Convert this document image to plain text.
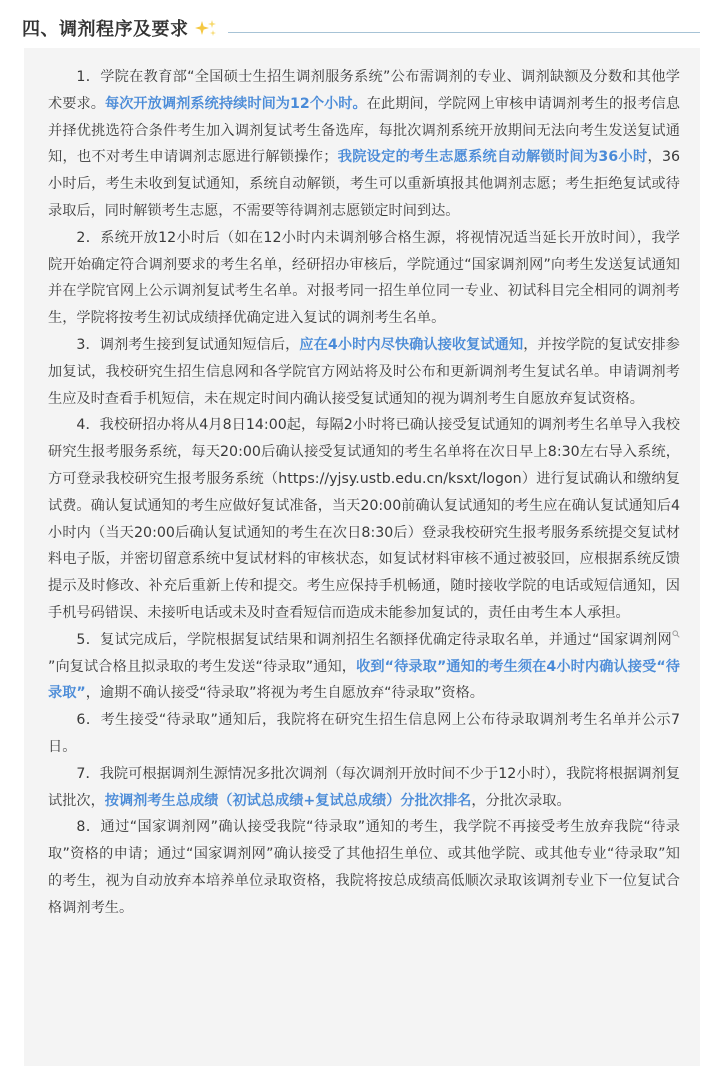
四、调剂程序及要求

1．学院在教育部“全国硕士生招生调剂服务系统”公布需调剂的专业、调剂缺额及分数和其他学术要求。每次开放调剂系统持续时间为12个小时。在此期间，学院网上审核申请调剂考生的报考信息并择优挑选符合条件考生加入调剂复试考生备选库，每批次调剂系统开放期间无法向考生发送复试通知，也不对考生申请调剂志愿进行解锁操作；我院设定的考生志愿系统自动解锁时间为36小时，36小时后，考生未收到复试通知，系统自动解锁，考生可以重新填报其他调剂志愿；考生拒绝复试或待录取后，同时解锁考生志愿，不需要等待调剂志愿锁定时间到达。

2．系统开放12小时后（如在12小时内未调剂够合格生源，将视情况适当延长开放时间），我学院开始确定符合调剂要求的考生名单，经研招办审核后，学院通过“国家调剂网”向考生发送复试通知并在学院官网上公示调剂复试考生名单。对报考同一招生单位同一专业、初试科目完全相同的调剂考生，学院将按考生初试成绩择优确定进入复试的调剂考生名单。

3．调剂考生接到复试通知短信后，应在4小时内尽快确认接收复试通知，并按学院的复试安排参加复试，我校研究生招生信息网和各学院官方网站将及时公布和更新调剂考生复试名单。申请调剂考生应及时查看手机短信，未在规定时间内确认接受复试通知的视为调剂考生自愿放弃复试资格。

4．我校研招办将从4月8日14:00起，每隔2小时将已确认接受复试通知的调剂考生名单导入我校研究生报考服务系统，每天20:00后确认接受复试通知的考生名单将在次日早上8:30左右导入系统，方可登录我校研究生报考服务系统（https://yjsy.ustb.edu.cn/ksxt/logon）进行复试确认和缴纳复试费。确认复试通知的考生应做好复试准备，当天20:00前确认复试通知的考生应在确认复试通知后4小时内（当天20:00后确认复试通知的考生在次日8:30后）登录我校研究生报考服务系统提交复试材料电子版，并密切留意系统中复试材料的审核状态，如复试材料审核不通过被驳回，应根据系统反馈提示及时修改、补充后重新上传和提交。考生应保持手机畅通，随时接收学院的电话或短信通知，因手机号码错误、未接听电话或未及时查看短信而造成未能参加复试的，责任由考生本人承担。

5．复试完成后，学院根据复试结果和调剂招生名额择优确定待录取名单，并通过“国家调剂网”向复试合格且拟录取的考生发送“待录取”通知，收到“待录取”通知的考生须在4小时内确认接受“待录取”，逾期不确认接受“待录取”将视为考生自愿放弃“待录取”资格。

6．考生接受“待录取”通知后，我院将在研究生招生信息网上公布待录取调剂考生名单并公示7日。

7．我院可根据调剂生源情况多批次调剂（每次调剂开放时间不少于12小时），我院将根据调剂复试批次，按调剂考生总成绩（初试总成绩+复试总成绩）分批次排名，分批次录取。

8．通过“国家调剂网”确认接受我院“待录取”通知的考生，我学院不再接受考生放弃我院“待录取”资格的申请；通过“国家调剂网”确认接受了其他招生单位、或其他学院、或其他专业“待录取”知的考生，视为自动放弃本培养单位录取资格，我院将按总成绩高低顺次录取该调剂专业下一位复试合格调剂考生。
